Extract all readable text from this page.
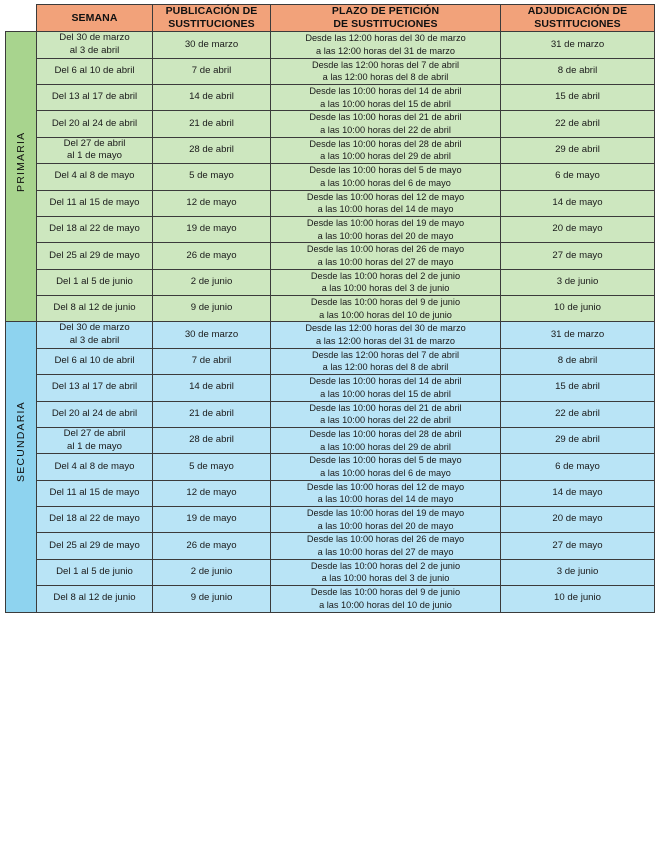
	SEMANA	PUBLICACIÓN DE
SUSTITUCIONES	PLAZO DE PETICIÓN
DE SUSTITUCIONES	ADJUDICACIÓN DE
SUSTITUCIONES

PRIMARIA	Del 30 de marzo
al 3 de abril	30 de marzo	Desde las 12:00 horas del 30 de marzo
a las 12:00 horas del 31 de marzo	31 de marzo

	Del 6 al 10 de abril	7 de abril	Desde las 12:00 horas del 7 de abril
a las 12:00 horas del 8 de abril	8 de abril

	Del 13 al 17 de abril	14 de abril	Desde las 10:00 horas del 14 de abril
a las 10:00 horas del 15 de abril	15 de abril

	Del 20 al 24 de abril	21 de abril	Desde las 10:00 horas del 21 de abril
a las 10:00 horas del 22 de abril	22 de abril

	Del 27 de abril
al 1 de mayo	28 de abril	Desde las 10:00 horas del 28 de abril
a las 10:00 horas del 29 de abril	29 de abril

	Del 4 al 8 de mayo	5 de mayo	Desde las 10:00 horas del 5 de mayo
a las 10:00 horas del 6 de mayo	6 de mayo

	Del 11 al 15 de mayo	12 de mayo	Desde las 10:00 horas del 12 de mayo
a las 10:00 horas del 14 de mayo	14 de mayo

	Del 18 al 22 de mayo	19 de mayo	Desde las 10:00 horas del 19 de mayo
a las 10:00 horas del 20 de mayo	20 de mayo

	Del 25 al 29 de mayo	26 de mayo	Desde las 10:00 horas del 26 de mayo
a las 10:00 horas del 27 de mayo	27 de mayo

	Del 1 al 5 de junio	2 de junio	Desde las 10:00 horas del 2 de junio
a las 10:00 horas del 3 de junio	3 de junio

	Del 8 al 12 de junio	9 de junio	Desde las 10:00 horas del 9 de junio
a las 10:00 horas del 10 de junio	10 de junio

SECUNDARIA	Del 30 de marzo
al 3 de abril	30 de marzo	Desde las 12:00 horas del 30 de marzo
a las 12:00 horas del 31 de marzo	31 de marzo

	Del 6 al 10 de abril	7 de abril	Desde las 12:00 horas del 7 de abril
a las 12:00 horas del 8 de abril	8 de abril

	Del 13 al 17 de abril	14 de abril	Desde las 10:00 horas del 14 de abril
a las 10:00 horas del 15 de abril	15 de abril

	Del 20 al 24 de abril	21 de abril	Desde las 10:00 horas del 21 de abril
a las 10:00 horas del 22 de abril	22 de abril

	Del 27 de abril
al 1 de mayo	28 de abril	Desde las 10:00 horas del 28 de abril
a las 10:00 horas del 29 de abril	29 de abril

	Del 4 al 8 de mayo	5 de mayo	Desde las 10:00 horas del 5 de mayo
a las 10:00 horas del 6 de mayo	6 de mayo

	Del 11 al 15 de mayo	12 de mayo	Desde las 10:00 horas del 12 de mayo
a las 10:00 horas del 14 de mayo	14 de mayo

	Del 18 al 22 de mayo	19 de mayo	Desde las 10:00 horas del 19 de mayo
a las 10:00 horas del 20 de mayo	20 de mayo

	Del 25 al 29 de mayo	26 de mayo	Desde las 10:00 horas del 26 de mayo
a las 10:00 horas del 27 de mayo	27 de mayo

	Del 1 al 5 de junio	2 de junio	Desde las 10:00 horas del 2 de junio
a las 10:00 horas del 3 de junio	3 de junio

	Del 8 al 12 de junio	9 de junio	Desde las 10:00 horas del 9 de junio
a las 10:00 horas del 10 de junio	10 de junio
